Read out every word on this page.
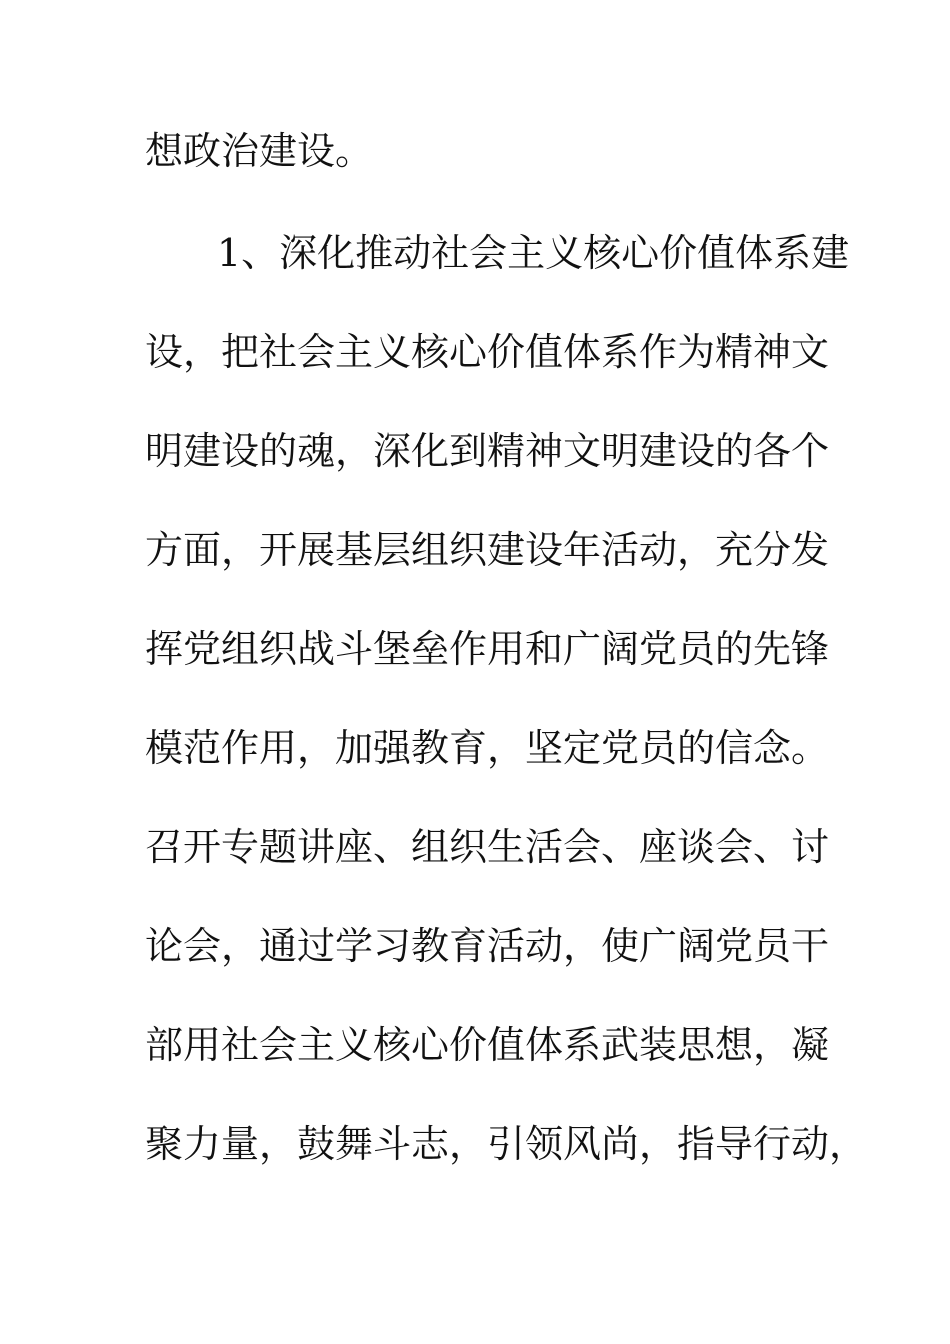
想政治建设。
1、深化推动社会主义核心价值体系建
设，把社会主义核心价值体系作为精神文
明建设的魂，深化到精神文明建设的各个
方面，开展基层组织建设年活动，充分发
挥党组织战斗堡垒作用和广阔党员的先锋
模范作用，加强教育，坚定党员的信念。
召开专题讲座、组织生活会、座谈会、讨
论会，通过学习教育活动，使广阔党员干
部用社会主义核心价值体系武装思想，凝
聚力量，鼓舞斗志，引领风尚，指导行动，
